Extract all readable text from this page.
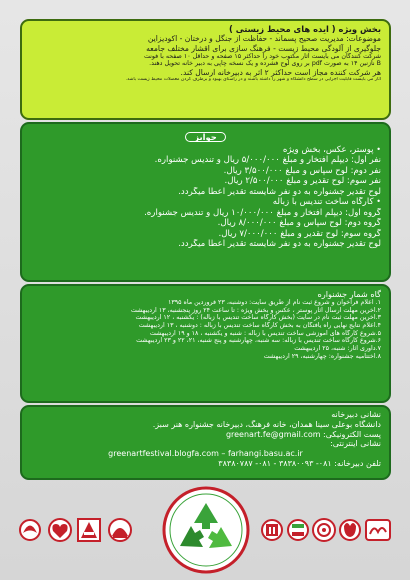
بخش ویژه ( ایده های محیط زیستی )
موضوعات: مدیریت صحیح پسماند - حفاظت از جنگل و درختان - اکودیزاین
جلوگیری از آلودگی محیط زیست - فرهنگ سازی برای اقشار مختلف جامعه
شرکت کنندگان می بایست آثار مکتوب خود را حداکثر ۱۵ صفحه و حداقل ۱۰ صفحه با فونت
B نازنین ۱۴ به صورت pdf بر روی لوح فشرده و یک نسخه چاپی به دبیر خانه تحویل دهند.
هر شرکت کننده مجاز است حداکثر ۲ اثر به دبیرخانه ارسال کند.
آثار می بایست قابلیت اجرایی در سطح دانشگاه و شهر را داشته باشند و در راستای بهبود و برطرف کردن معضلات محیط زیست باشد.
جوایز
• پوستر، عکس، بخش ویژه
نفر اول: دیپلم افتخار و مبلغ ۵/۰۰۰/۰۰۰ ریال و تندیس جشنواره.
نفر دوم: لوح سپاس و مبلغ ۳/۵۰۰/۰۰۰ ریال.
نفر سوم: لوح تقدیر و مبلغ ۲/۵۰۰/۰۰۰ ریال.
لوح تقدیر جشنواره به دو نفر شایسته تقدیر اعطا میگردد.
• کارگاه ساخت تندیس با زباله
گروه اول: دیپلم افتخار و مبلغ ۱۰/۰۰۰/۰۰۰ ریال و تندیس جشنواره.
گروه دوم: لوح سپاس و مبلغ ۸/۰۰۰/۰۰۰ ریال.
گروه سوم: لوح تقدیر و مبلغ ۷/۰۰۰/۰۰۰ ریال.
لوح تقدیر جشنواره به دو نفر شایسته تقدیر اعطا میگردد.
گاه شمار جشنواره
۱. اعلام فراخوان و شروع ثبت نام از طریق سایت: دوشنبه، ۲۳ فروردین ماه ۱۳۹۵
۲.آخرین مهلت ارسال آثار پوستر ، عکس و بخش ویژه : تا ساعت ۲۴ روز پنجشنبه، ۱۳ اردیبهشت
۳.آخرین مهلت ثبت نام در سایت (بخش کارگاه ساخت تندیس با زباله) : یکشنبه ، ۱۲ اردیبهشت
۴.اعلام نتایج نهایی راه یافتگان به بخش کارگاه ساخت تندیس با زباله : دوشنبه ، ۱۳ اردیبهشت
۵.شروع کارگاه های آموزشی ساخت تندیس با زباله : شنبه و یکشنبه ، ۱۸ و ۱۹ اردیبهشت
۶.شروع کارگاه ساخت تندیس با زباله: سه شنبه، چهارشنبه و پنج شنبه، ۲۱، ۲۲ و ۲۳ اردیبهشت
۷.داوری آثار: شنبه، ۲۵ اردیبهشت
۸.اختتامیه جشنواره: چهارشنبه، ۲۹ اردیبهشت
نشانی دبیرخانه
دانشگاه بوعلی سینا همدان، خانه فرهنگ، دبیرخانه جشنواره هنر سبز.
پست الکترونیکی: greenart.fe@gmail.com
نشانی اینترنتی:
greenartfestival.blogfa.com – farhangi.basu.ac.ir
تلفن دبیرخانه: ۰۸۱- ۳۸۳۸۰۰۹۳ - ۰۸۱- ۳۸۳۸۰۷۸۷
